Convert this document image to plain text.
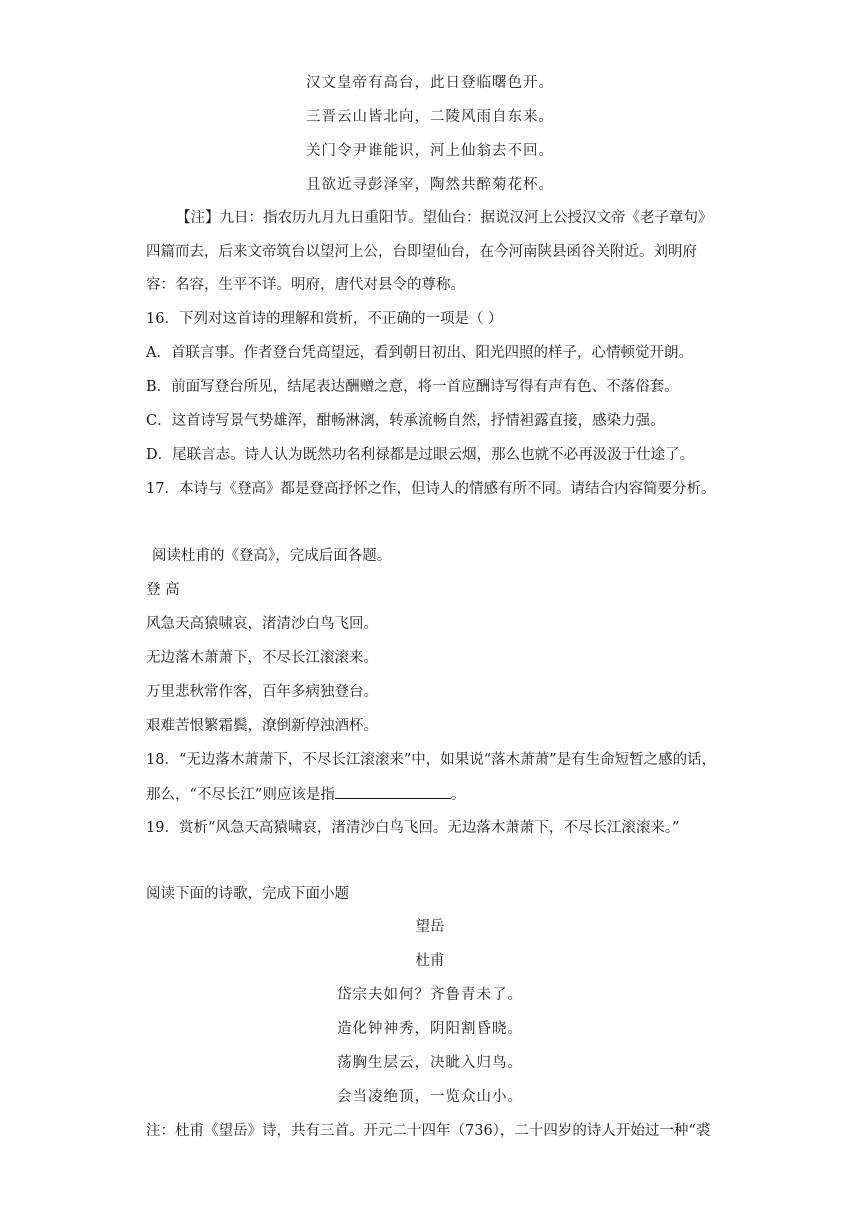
汉文皇帝有高台，此日登临曙色开。
三晋云山皆北向，二陵风雨自东来。
关门令尹谁能识，河上仙翁去不回。
且欲近寻彭泽宰，陶然共醉菊花杯。
【注】九日：指农历九月九日重阳节。望仙台：据说汉河上公授汉文帝《老子章句》
四篇而去，后来文帝筑台以望河上公，台即望仙台，在今河南陕县函谷关附近。刘明府
容：名容，生平不详。明府，唐代对县令的尊称。
16．下列对这首诗的理解和赏析，不正确的一项是（ ）
A．首联言事。作者登台凭高望远，看到朝日初出、阳光四照的样子，心情顿觉开朗。
B．前面写登台所见，结尾表达酬赠之意，将一首应酬诗写得有声有色、不落俗套。
C．这首诗写景气势雄浑，酣畅淋漓，转承流畅自然，抒情袒露直接，感染力强。
D．尾联言志。诗人认为既然功名利禄都是过眼云烟，那么也就不必再汲汲于仕途了。
17．本诗与《登高》都是登高抒怀之作，但诗人的情感有所不同。请结合内容简要分析。
阅读杜甫的《登高》，完成后面各题。
登 高
风急天高猿啸哀，渚清沙白鸟飞回。
无边落木萧萧下，不尽长江滚滚来。
万里悲秋常作客，百年多病独登台。
艰难苦恨繁霜鬓，潦倒新停浊酒杯。
18．“无边落木萧萧下，不尽长江滚滚来”中，如果说“落木萧萧”是有生命短暂之感的话，
那么，“不尽长江”则应该是指	。
19．赏析“风急天高猿啸哀，渚清沙白鸟飞回。无边落木萧萧下，不尽长江滚滚来。”
阅读下面的诗歌，完成下面小题
望岳
杜甫
岱宗夫如何？齐鲁青未了。
造化钟神秀，阴阳割昏晓。
荡胸生层云，决眦入归鸟。
会当凌绝顶，一览众山小。
注：杜甫《望岳》诗，共有三首。开元二十四年（736），二十四岁的诗人开始过一种“裘
